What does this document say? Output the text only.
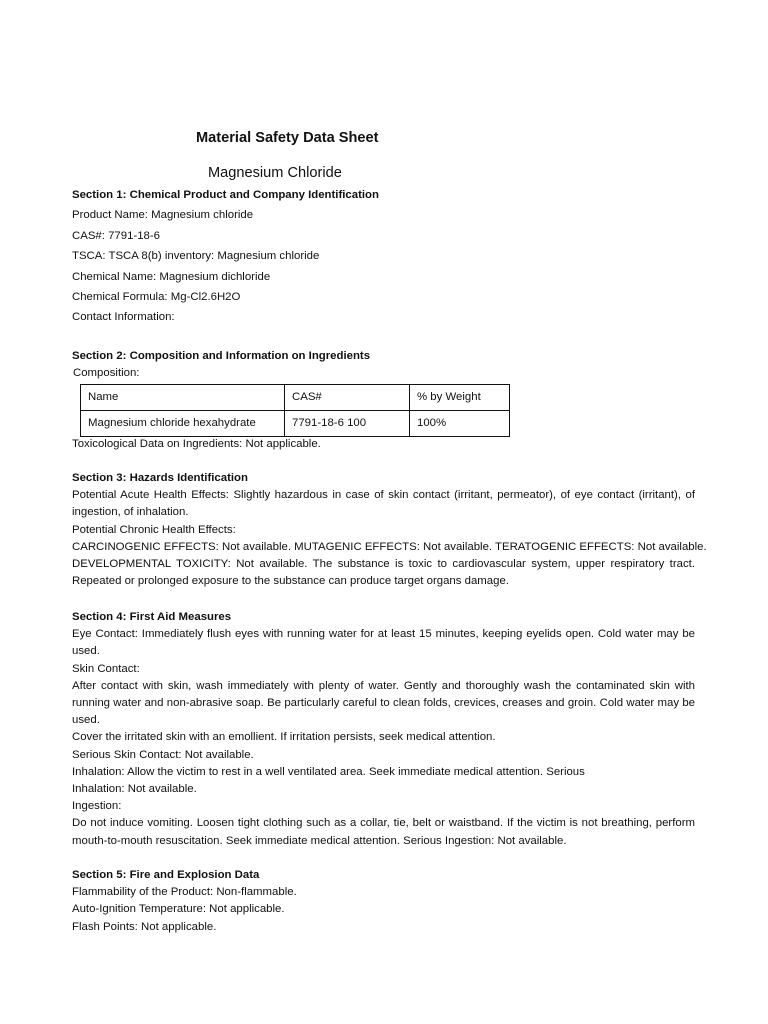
Material Safety Data Sheet
Magnesium Chloride
Section 1: Chemical Product and Company Identification
Product Name: Magnesium chloride
CAS#: 7791-18-6
TSCA: TSCA 8(b) inventory: Magnesium chloride
Chemical Name: Magnesium dichloride
Chemical Formula: Mg-Cl2.6H2O
Contact Information:
Section 2: Composition and Information on Ingredients
Composition:
Name	CAS#	% by Weight
Magnesium chloride hexahydrate	7791-18-6 100	100%
Toxicological Data on Ingredients: Not applicable.
Section 3: Hazards Identification
Potential Acute Health Effects: Slightly hazardous in case of skin contact (irritant, permeator), of eye contact (irritant), of ingestion, of inhalation.
Potential Chronic Health Effects:
CARCINOGENIC EFFECTS: Not available. MUTAGENIC EFFECTS: Not available. TERATOGENIC EFFECTS: Not available.
DEVELOPMENTAL TOXICITY: Not available. The substance is toxic to cardiovascular system, upper respiratory tract. Repeated or prolonged exposure to the substance can produce target organs damage.
Section 4: First Aid Measures
Eye Contact: Immediately flush eyes with running water for at least 15 minutes, keeping eyelids open. Cold water may be used.
Skin Contact:
After contact with skin, wash immediately with plenty of water. Gently and thoroughly wash the contaminated skin with running water and non-abrasive soap. Be particularly careful to clean folds, crevices, creases and groin. Cold water may be used.
Cover the irritated skin with an emollient. If irritation persists, seek medical attention.
Serious Skin Contact: Not available.
Inhalation: Allow the victim to rest in a well ventilated area. Seek immediate medical attention. Serious
Inhalation: Not available.
Ingestion:
Do not induce vomiting. Loosen tight clothing such as a collar, tie, belt or waistband. If the victim is not breathing, perform mouth-to-mouth resuscitation. Seek immediate medical attention. Serious Ingestion: Not available.
Section 5: Fire and Explosion Data
Flammability of the Product: Non-flammable.
Auto-Ignition Temperature: Not applicable.
Flash Points: Not applicable.
